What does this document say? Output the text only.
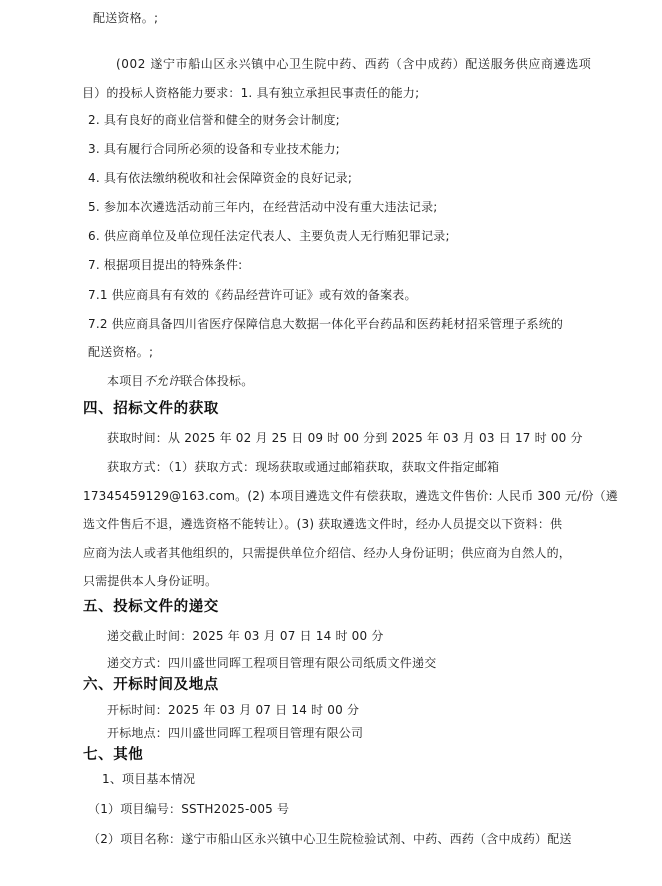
配送资格。;
(002 遂宁市船山区永兴镇中心卫生院中药、西药（含中成药）配送服务供应商遴选项
目）的投标人资格能力要求：1. 具有独立承担民事责任的能力;
2. 具有良好的商业信誉和健全的财务会计制度;
3. 具有履行合同所必须的设备和专业技术能力;
4. 具有依法缴纳税收和社会保障资金的良好记录;
5. 参加本次遴选活动前三年内，在经营活动中没有重大违法记录;
6. 供应商单位及单位现任法定代表人、主要负责人无行贿犯罪记录;
7. 根据项目提出的特殊条件:
7.1 供应商具有有效的《药品经营许可证》或有效的备案表。
7.2 供应商具备四川省医疗保障信息大数据一体化平台药品和医药耗材招采管理子系统的
配送资格。;
本项目不允许联合体投标。
四、招标文件的获取
获取时间：从 2025 年 02 月 25 日 09 时 00 分到 2025 年 03 月 03 日 17 时 00 分
获取方式：（1）获取方式：现场获取或通过邮箱获取，获取文件指定邮箱
17345459129@163.com。(2) 本项目遴选文件有偿获取，遴选文件售价: 人民币 300 元/份（遴
选文件售后不退，遴选资格不能转让）。(3) 获取遴选文件时，经办人员提交以下资料：供
应商为法人或者其他组织的，只需提供单位介绍信、经办人身份证明；供应商为自然人的，
只需提供本人身份证明。
五、投标文件的递交
递交截止时间：2025 年 03 月 07 日 14 时 00 分
递交方式：四川盛世同晖工程项目管理有限公司纸质文件递交
六、开标时间及地点
开标时间：2025 年 03 月 07 日 14 时 00 分
开标地点：四川盛世同晖工程项目管理有限公司
七、其他
1、项目基本情况
（1）项目编号：SSTH2025-005 号
（2）项目名称：遂宁市船山区永兴镇中心卫生院检验试剂、中药、西药（含中成药）配送
